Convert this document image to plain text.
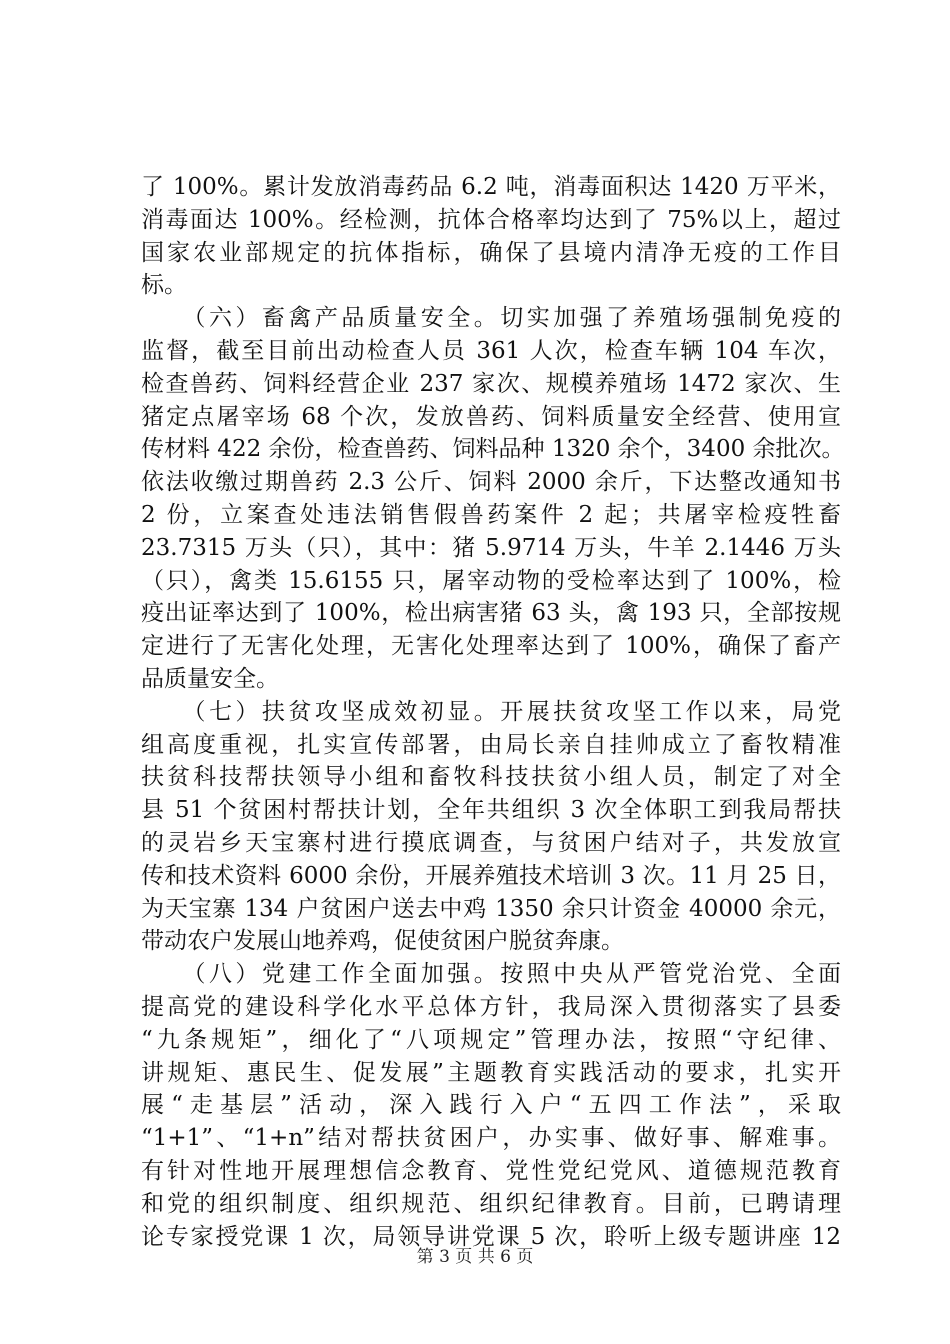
了 100%。累计发放消毒药品 6.2 吨，消毒面积达 1420 万平米，
消毒面达 100%。经检测，抗体合格率均达到了 75%以上，超过
国家农业部规定的抗体指标，确保了县境内清净无疫的工作目
标。
　　（六）畜禽产品质量安全。切实加强了养殖场强制免疫的
监督，截至目前出动检查人员 361 人次，检查车辆 104 车次，
检查兽药、饲料经营企业 237 家次、规模养殖场 1472 家次、生
猪定点屠宰场 68 个次，发放兽药、饲料质量安全经营、使用宣
传材料 422 余份，检查兽药、饲料品种 1320 余个，3400 余批次。
依法收缴过期兽药 2.3 公斤、饲料 2000 余斤，下达整改通知书
2 份，立案查处违法销售假兽药案件 2 起；共屠宰检疫牲畜
23.7315 万头（只），其中：猪 5.9714 万头，牛羊 2.1446 万头
（只），禽类 15.6155 只，屠宰动物的受检率达到了 100%，检
疫出证率达到了 100%，检出病害猪 63 头，禽 193 只，全部按规
定进行了无害化处理，无害化处理率达到了 100%，确保了畜产
品质量安全。
　　（七）扶贫攻坚成效初显。开展扶贫攻坚工作以来，局党
组高度重视，扎实宣传部署，由局长亲自挂帅成立了畜牧精准
扶贫科技帮扶领导小组和畜牧科技扶贫小组人员，制定了对全
县 51 个贫困村帮扶计划，全年共组织 3 次全体职工到我局帮扶
的灵岩乡天宝寨村进行摸底调查，与贫困户结对子，共发放宣
传和技术资料 6000 余份，开展养殖技术培训 3 次。11 月 25 日，
为天宝寨 134 户贫困户送去中鸡 1350 余只计资金 40000 余元，
带动农户发展山地养鸡，促使贫困户脱贫奔康。
　　（八）党建工作全面加强。按照中央从严管党治党、全面
提高党的建设科学化水平总体方针，我局深入贯彻落实了县委
“九条规矩”，细化了“八项规定”管理办法，按照“守纪律、
讲规矩、惠民生、促发展”主题教育实践活动的要求，扎实开
展“走基层”活动，深入践行入户“五四工作法”，采取
“1+1”、“1+n”结对帮扶贫困户，办实事、做好事、解难事。
有针对性地开展理想信念教育、党性党纪党风、道德规范教育
和党的组织制度、组织规范、组织纪律教育。目前，已聘请理
论专家授党课 1 次，局领导讲党课 5 次，聆听上级专题讲座 12
第 3 页 共 6 页
